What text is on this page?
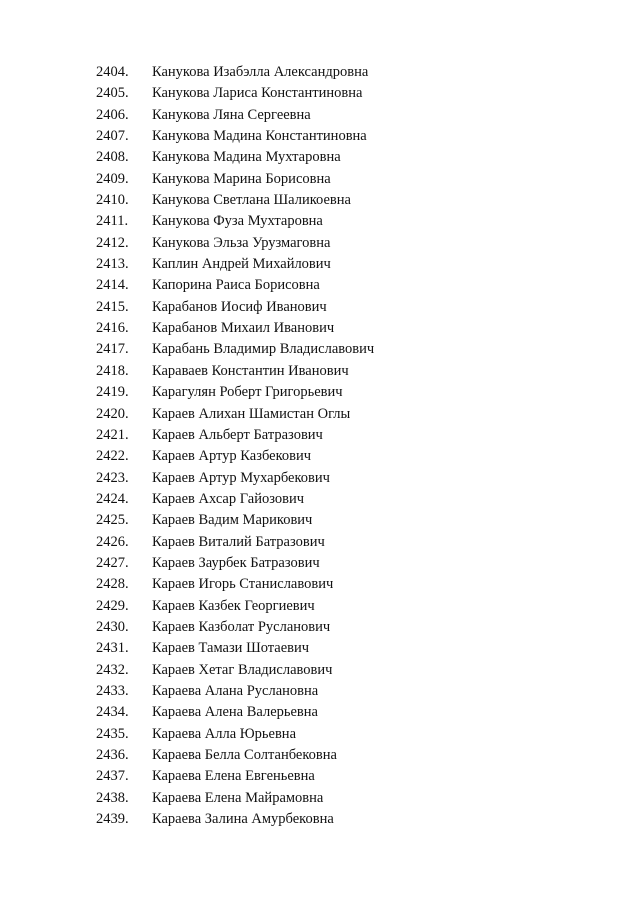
2404. Канукова Изабэлла Александровна
2405. Канукова Лариса Константиновна
2406. Канукова Ляна Сергеевна
2407. Канукова Мадина Константиновна
2408. Канукова Мадина Мухтаровна
2409. Канукова Марина Борисовна
2410. Канукова Светлана Шаликоевна
2411. Канукова Фуза Мухтаровна
2412. Канукова Эльза Урузмаговна
2413. Каплин Андрей Михайлович
2414. Капорина Раиса Борисовна
2415. Карабанов Иосиф Иванович
2416. Карабанов Михаил Иванович
2417. Карабань Владимир Владиславович
2418. Караваев Константин Иванович
2419. Карагулян Роберт Григорьевич
2420. Караев Алихан Шамистан Оглы
2421. Караев Альберт Батразович
2422. Караев Артур Казбекович
2423. Караев Артур Мухарбекович
2424. Караев Ахсар Гайозович
2425. Караев Вадим Марикович
2426. Караев Виталий Батразович
2427. Караев Заурбек Батразович
2428. Караев Игорь Станиславович
2429. Караев Казбек Георгиевич
2430. Караев Казболат Русланович
2431. Караев Тамази Шотаевич
2432. Караев Хетаг Владиславович
2433. Караева Алана Руслановна
2434. Караева Алена Валерьевна
2435. Караева Алла Юрьевна
2436. Караева Белла Солтанбековна
2437. Караева Елена Евгеньевна
2438. Караева Елена Майрамовна
2439. Караева Залина Амурбековна
